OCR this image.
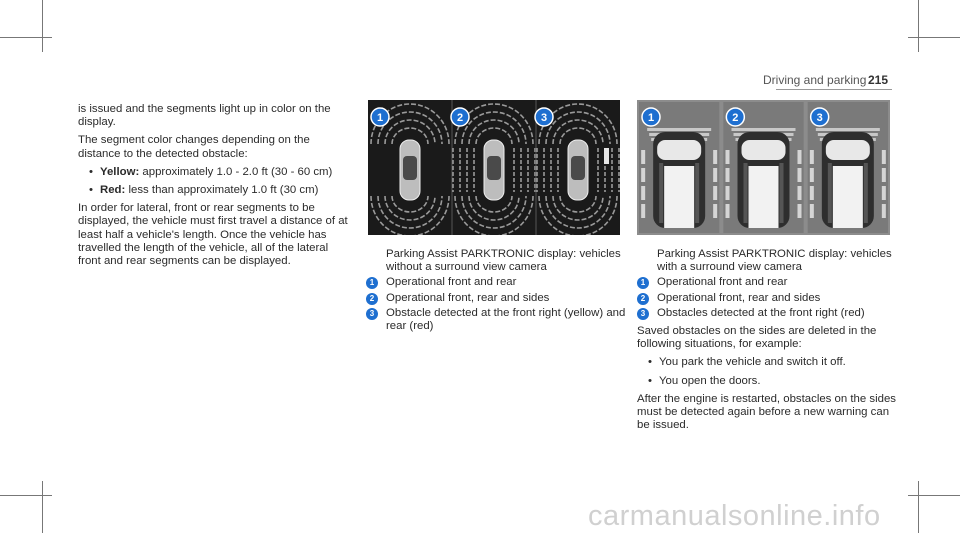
Driving and parking 215

is issued and the segments light up in color on the display.

The segment color changes depending on the distance to the detected obstacle:

• Yellow: approximately 1.0 - 2.0 ft (30 - 60 cm)
• Red: less than approximately 1.0 ft (30 cm)

In order for lateral, front or rear segments to be displayed, the vehicle must first travel a distance of at least half a vehicle's length. Once the vehicle has travelled the length of the vehicle, all of the lateral front and rear segments can be displayed.

1	2	3
Parking Assist PARKTRONIC display: vehicles without a surround view camera
1	Operational front and rear
2	Operational front, rear and sides
3	Obstacle detected at the front right (yellow) and rear (red)
1	2	3
Parking Assist PARKTRONIC display: vehicles with a surround view camera
1	Operational front and rear
2	Operational front, rear and sides
3	Obstacles detected at the front right (red)

Saved obstacles on the sides are deleted in the following situations, for example:

• You park the vehicle and switch it off.
• You open the doors.

After the engine is restarted, obstacles on the sides must be detected again before a new warning can be issued.

carmanualsonline.info
